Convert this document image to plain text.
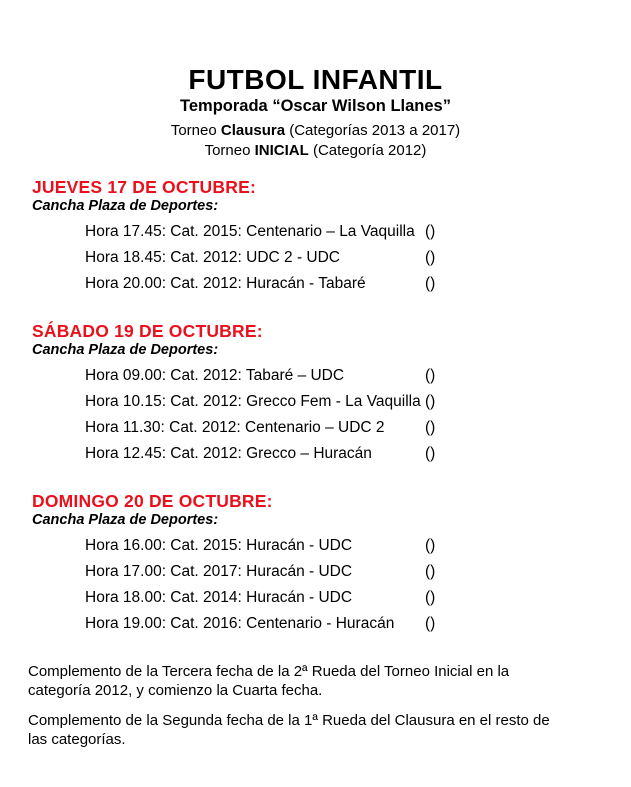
FUTBOL INFANTIL
Temporada “Oscar Wilson Llanes”
Torneo Clausura (Categorías 2013 a 2017)
Torneo INICIAL (Categoría 2012)
JUEVES 17 DE OCTUBRE:
Cancha Plaza de Deportes:
Hora 17.45: Cat. 2015: Centenario – La Vaquilla ()
Hora 18.45: Cat. 2012: UDC 2 - UDC	()
Hora 20.00: Cat. 2012: Huracán - Tabaré	()
SÁBADO 19 DE OCTUBRE:
Cancha Plaza de Deportes:
Hora 09.00: Cat. 2012: Tabaré – UDC	()
Hora 10.15: Cat. 2012: Grecco Fem - La Vaquilla ()
Hora 11.30: Cat. 2012: Centenario – UDC 2	()
Hora 12.45: Cat. 2012: Grecco – Huracán	()
DOMINGO 20 DE OCTUBRE:
Cancha Plaza de Deportes:
Hora 16.00: Cat. 2015: Huracán - UDC	()
Hora 17.00: Cat. 2017: Huracán - UDC	()
Hora 18.00: Cat. 2014: Huracán - UDC	()
Hora 19.00: Cat. 2016: Centenario - Huracán	()
Complemento de la Tercera fecha de la 2ª Rueda del Torneo Inicial en la
categoría 2012, y comienzo la Cuarta fecha.
Complemento de la Segunda fecha de la 1ª Rueda del Clausura en el resto de
las categorías.
